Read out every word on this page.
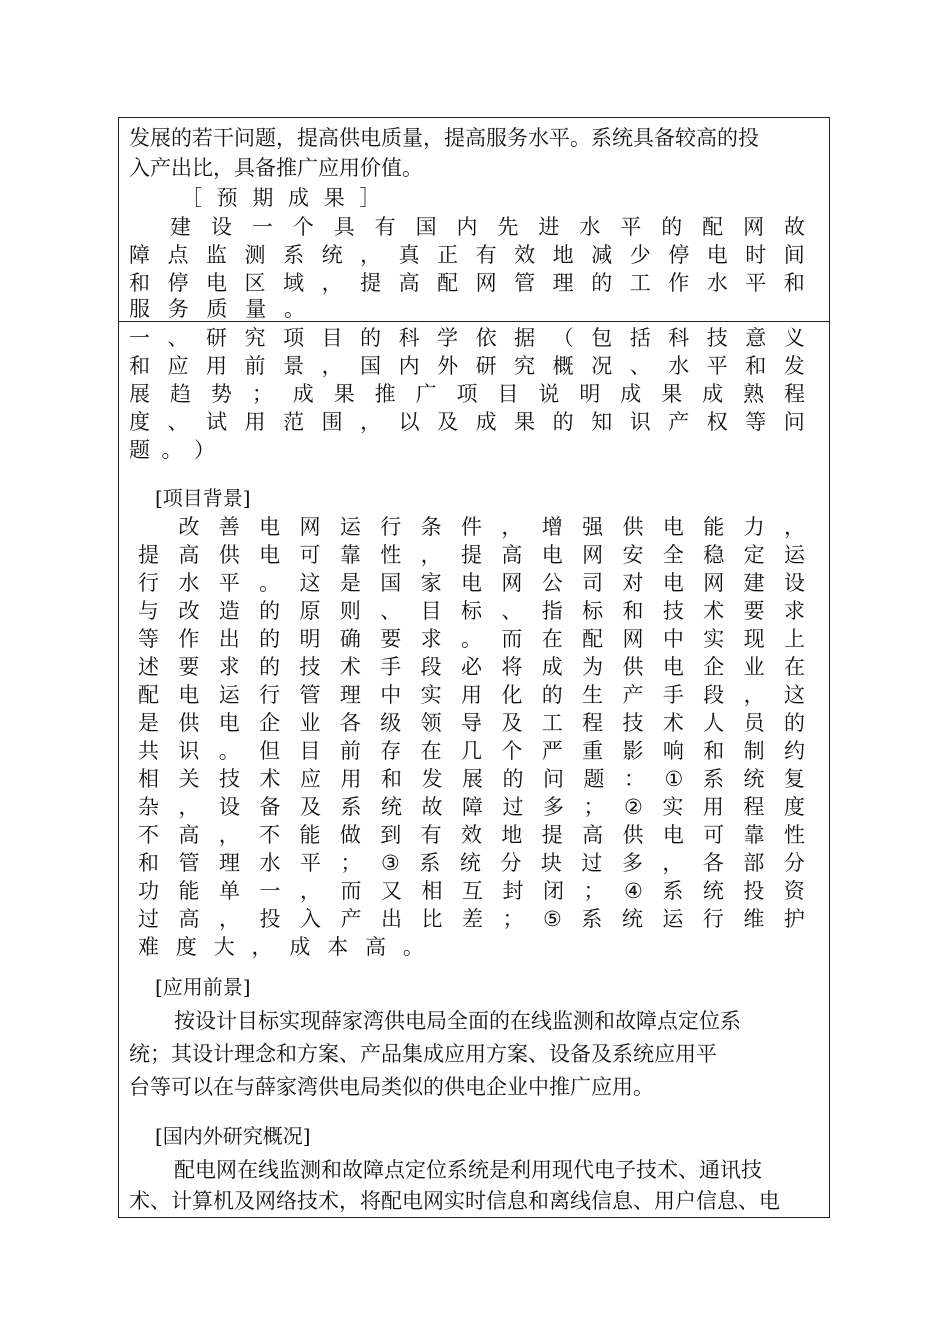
发展的若干问题，提高供电质量，提高服务水平。系统具备较高的投
入产出比，具备推广应用价值。
［ 预 期 成 果 ］

建 设 一 个 具 有 国 内 先 进 水 平 的 配 网 故
障 点 监 测 系 统 ， 真 正 有 效 地 减 少 停 电 时 间
和 停 电 区 域 ， 提 高 配 网 管 理 的 工 作 水 平 和
服 务 质 量 。
一 、 研 究 项 目 的 科 学 依 据 （ 包 括 科 技 意 义
和 应 用 前 景 ， 国 内 外 研 究 概 况 、 水 平 和 发
展 趋 势 ； 成 果 推 广 项 目 说 明 成 果 成 熟 程
度 、 试 用 范 围 ， 以 及 成 果 的 知 识 产 权 等 问
题 。 ）
[项目背景]

改 善 电 网 运 行 条 件 ， 增 强 供 电 能 力 ，
提 高 供 电 可 靠 性 ， 提 高 电 网 安 全 稳 定 运
行 水 平 。 这 是 国 家 电 网 公 司 对 电 网 建 设
与 改 造 的 原 则 、 目 标 、 指 标 和 技 术 要 求
等 作 出 的 明 确 要 求 。 而 在 配 网 中 实 现 上
述 要 求 的 技 术 手 段 必 将 成 为 供 电 企 业 在
配 电 运 行 管 理 中 实 用 化 的 生 产 手 段 ， 这
是 供 电 企 业 各 级 领 导 及 工 程 技 术 人 员 的
共 识 。 但 目 前 存 在 几 个 严 重 影 响 和 制 约
相 关 技 术 应 用 和 发 展 的 问 题 ： ① 系 统 复
杂 ， 设 备 及 系 统 故 障 过 多 ； ② 实 用 程 度
不 高 ， 不 能 做 到 有 效 地 提 高 供 电 可 靠 性
和 管 理 水 平 ； ③ 系 统 分 块 过 多 ， 各 部 分
功 能 单 一 ， 而 又 相 互 封 闭 ； ④ 系 统 投 资
过 高 ， 投 入 产 出 比 差 ； ⑤ 系 统 运 行 维 护
难 度 大 ， 成 本 高 。
[应用前景]
　按设计目标实现薛家湾供电局全面的在线监测和故障点定位系
统；其设计理念和方案、产品集成应用方案、设备及系统应用平
台等可以在与薛家湾供电局类似的供电企业中推广应用。
[国内外研究概况]
　配电网在线监测和故障点定位系统是利用现代电子技术、通讯技
术、计算机及网络技术，将配电网实时信息和离线信息、用户信息、电
